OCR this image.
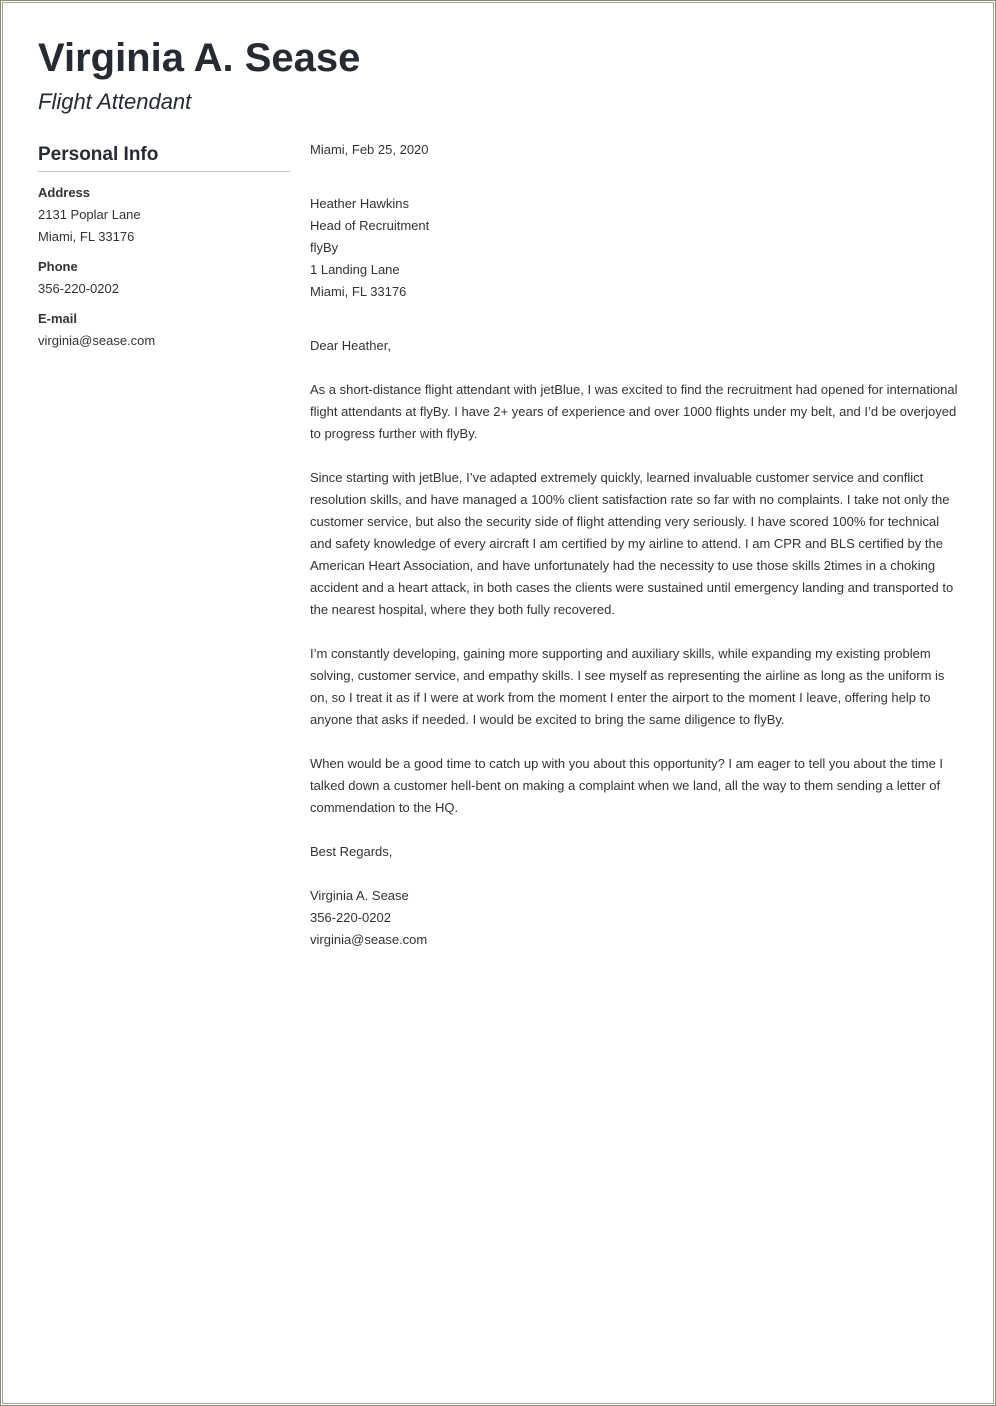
Virginia A. Sease
Flight Attendant
Personal Info
Address
2131 Poplar Lane
Miami, FL 33176
Phone
356-220-0202
E-mail
virginia@sease.com

Miami, Feb 25, 2020

Heather Hawkins

Head of Recruitment

flyBy

1 Landing Lane

Miami, FL 33176

Dear Heather,

As a short-distance flight attendant with jetBlue, I was excited to find the recruitment had opened for international flight attendants at flyBy. I have 2+ years of experience and over 1000 flights under my belt, and I’d be overjoyed to progress further with flyBy.

Since starting with jetBlue, I’ve adapted extremely quickly, learned invaluable customer service and conflict resolution skills, and have managed a 100% client satisfaction rate so far with no complaints. I take not only the customer service, but also the security side of flight attending very seriously. I have scored 100% for technical and safety knowledge of every aircraft I am certified by my airline to attend. I am CPR and BLS certified by the American Heart Association, and have unfortunately had the necessity to use those skills 2times in a choking accident and a heart attack, in both cases the clients were sustained until emergency landing and transported to the nearest hospital, where they both fully recovered.

I’m constantly developing, gaining more supporting and auxiliary skills, while expanding my existing problem solving, customer service, and empathy skills. I see myself as representing the airline as long as the uniform is on, so I treat it as if I were at work from the moment I enter the airport to the moment I leave, offering help to anyone that asks if needed. I would be excited to bring the same diligence to flyBy.

When would be a good time to catch up with you about this opportunity? I am eager to tell you about the time I talked down a customer hell-bent on making a complaint when we land, all the way to them sending a letter of commendation to the HQ.

Best Regards,

Virginia A. Sease

356-220-0202

virginia@sease.com
